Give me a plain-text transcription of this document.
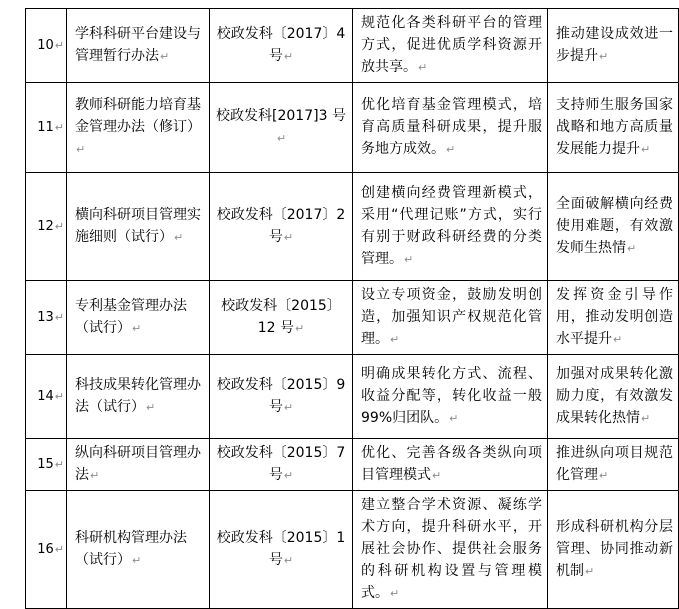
10↵	学科科研平台建设与管理暂行办法↵	校政发科〔2017〕4 号↵	规范化各类科研平台的管理方式，促进优质学科资源开放共享。↵	推动建设成效进一步提升↵
11↵	教师科研能力培育基金管理办法（修订）↵	校政发科[2017]3 号↵	优化培育基金管理模式，培育高质量科研成果，提升服务地方成效。↵	支持师生服务国家战略和地方高质量发展能力提升↵
12↵	横向科研项目管理实施细则（试行）↵	校政发科〔2017〕2 号↵	创建横向经费管理新模式，采用“代理记账”方式，实行有别于财政科研经费的分类管理。↵	全面破解横向经费使用难题，有效激发师生热情↵
13↵	专利基金管理办法（试行）↵	校政发科〔2015〕12 号↵	设立专项资金，鼓励发明创造，加强知识产权规范化管理。↵	发挥资金引导作用，推动发明创造水平提升↵
14↵	科技成果转化管理办法（试行）↵	校政发科〔2015〕9 号↵	明确成果转化方式、流程、收益分配等，转化收益一般99%归团队。↵	加强对成果转化激励力度，有效激发成果转化热情↵
15↵	纵向科研项目管理办法↵	校政发科〔2015〕7 号↵	优化、完善各级各类纵向项目管理模式↵	推进纵向项目规范化管理↵
16↵	科研机构管理办法（试行）↵	校政发科〔2015〕1 号↵	建立整合学术资源、凝练学术方向，提升科研水平，开展社会协作、提供社会服务的科研机构设置与管理模式。↵	形成科研机构分层管理、协同推动新机制↵
